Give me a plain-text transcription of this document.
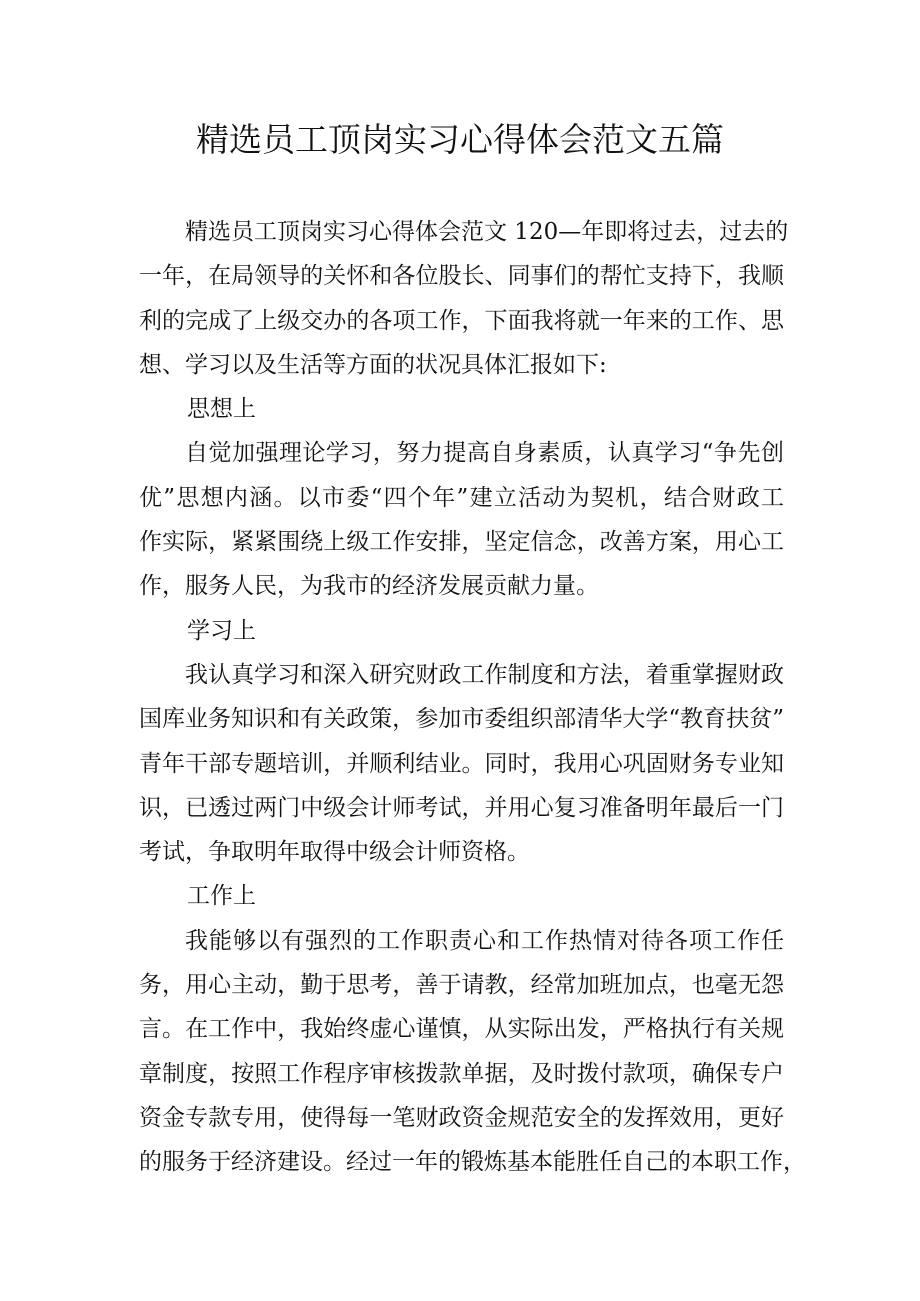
精选员工顶岗实习心得体会范文五篇
精选员工顶岗实习心得体会范文 120—年即将过去，过去的
一年，在局领导的关怀和各位股长、同事们的帮忙支持下，我顺
利的完成了上级交办的各项工作，下面我将就一年来的工作、思
想、学习以及生活等方面的状况具体汇报如下:
思想上
自觉加强理论学习，努力提高自身素质，认真学习“争先创
优”思想内涵。以市委“四个年”建立活动为契机，结合财政工
作实际，紧紧围绕上级工作安排，坚定信念，改善方案，用心工
作，服务人民，为我市的经济发展贡献力量。
学习上
我认真学习和深入研究财政工作制度和方法，着重掌握财政
国库业务知识和有关政策，参加市委组织部清华大学“教育扶贫”
青年干部专题培训，并顺利结业。同时，我用心巩固财务专业知
识，已透过两门中级会计师考试，并用心复习准备明年最后一门
考试，争取明年取得中级会计师资格。
工作上
我能够以有强烈的工作职责心和工作热情对待各项工作任
务，用心主动，勤于思考，善于请教，经常加班加点，也毫无怨
言。在工作中，我始终虚心谨慎，从实际出发，严格执行有关规
章制度，按照工作程序审核拨款单据，及时拨付款项，确保专户
资金专款专用，使得每一笔财政资金规范安全的发挥效用，更好
的服务于经济建设。经过一年的锻炼基本能胜任自己的本职工作，
